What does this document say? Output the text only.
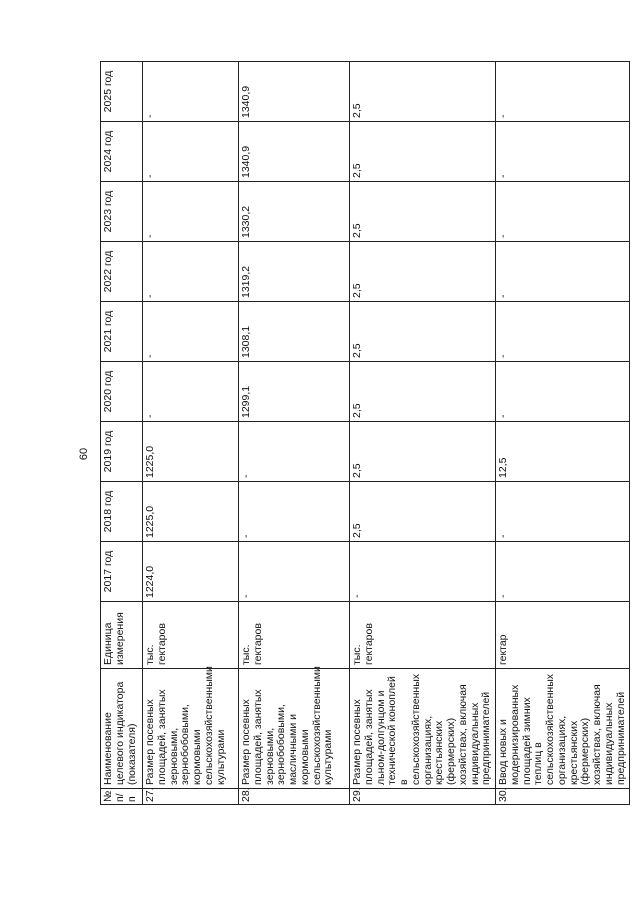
60
№ п/п	Наименование целевого индикатора (показателя)	Единица измерения	2017 год	2018 год	2019 год	2020 год	2021 год	2022 год	2023 год	2024 год	2025 год
27.	Размер посевных площадей, занятых зерновыми, зернобобовыми, кормовыми сельскохозяйственными культурами	тыс. гектаров	1224,0	1225,0	1225,0	-	-	-	-	-	-
28.	Размер посевных площадей, занятых зерновыми, зернобобовыми, масличными и кормовыми сельскохозяйственными культурами	тыс. гектаров	-	-	-	1299,1	1308,1	1319,2	1330,2	1340,9	1340,9
29.	Размер посевных площадей, занятых льном-долгунцом и технической коноплей в сельскохозяйственных организациях, крестьянских (фермерских) хозяйствах, включая индивидуальных предпринимателей	тыс. гектаров	-	2,5	2,5	2,5	2,5	2,5	2,5	2,5	2,5
30.	Ввод новых и модернизированных площадей зимних теплиц в сельскохозяйственных организациях, крестьянских (фермерских) хозяйствах, включая индивидуальных предпринимателей	гектар	-	-	12,5	-	-	-	-	-	-
